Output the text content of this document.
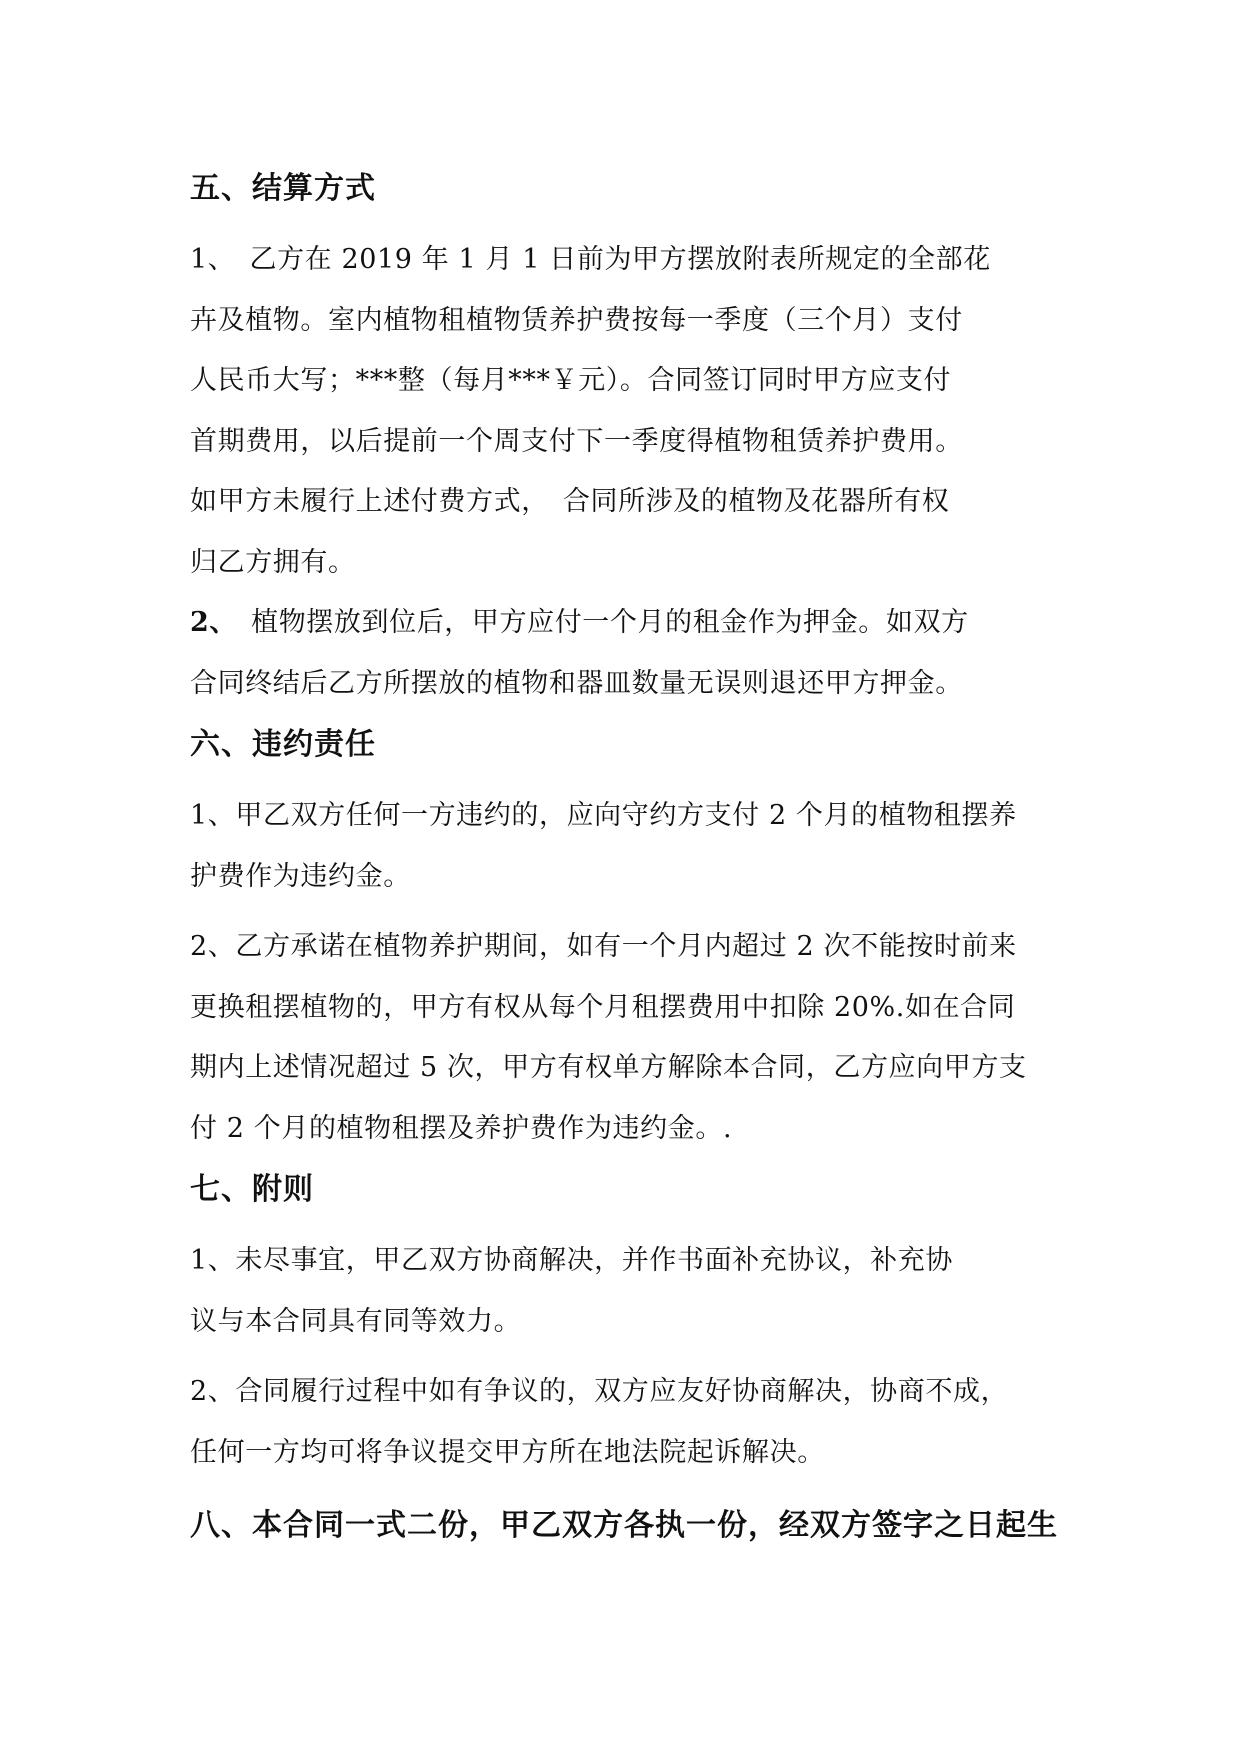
五、结算方式

1、　乙方在 2019 年 1 月 1 日前为甲方摆放附表所规定的全部花
卉及植物。室内植物租植物赁养护费按每一季度（三个月）支付
人民币大写；***整（每月***￥元）。合同签订同时甲方应支付
首期费用，以后提前一个周支付下一季度得植物租赁养护费用。
如甲方未履行上述付费方式，　合同所涉及的植物及花器所有权
归乙方拥有。

2、　植物摆放到位后，甲方应付一个月的租金作为押金。如双方
合同终结后乙方所摆放的植物和器皿数量无误则退还甲方押金。

六、违约责任

1、甲乙双方任何一方违约的，应向守约方支付 2 个月的植物租摆养
护费作为违约金。

2、乙方承诺在植物养护期间，如有一个月内超过 2 次不能按时前来
更换租摆植物的，甲方有权从每个月租摆费用中扣除 20%.如在合同
期内上述情况超过 5 次，甲方有权单方解除本合同，乙方应向甲方支
付 2 个月的植物租摆及养护费作为违约金。.

七、附则

1、未尽事宜，甲乙双方协商解决，并作书面补充协议，补充协
议与本合同具有同等效力。

2、合同履行过程中如有争议的，双方应友好协商解决，协商不成，
任何一方均可将争议提交甲方所在地法院起诉解决。

八、本合同一式二份，甲乙双方各执一份，经双方签字之日起生
